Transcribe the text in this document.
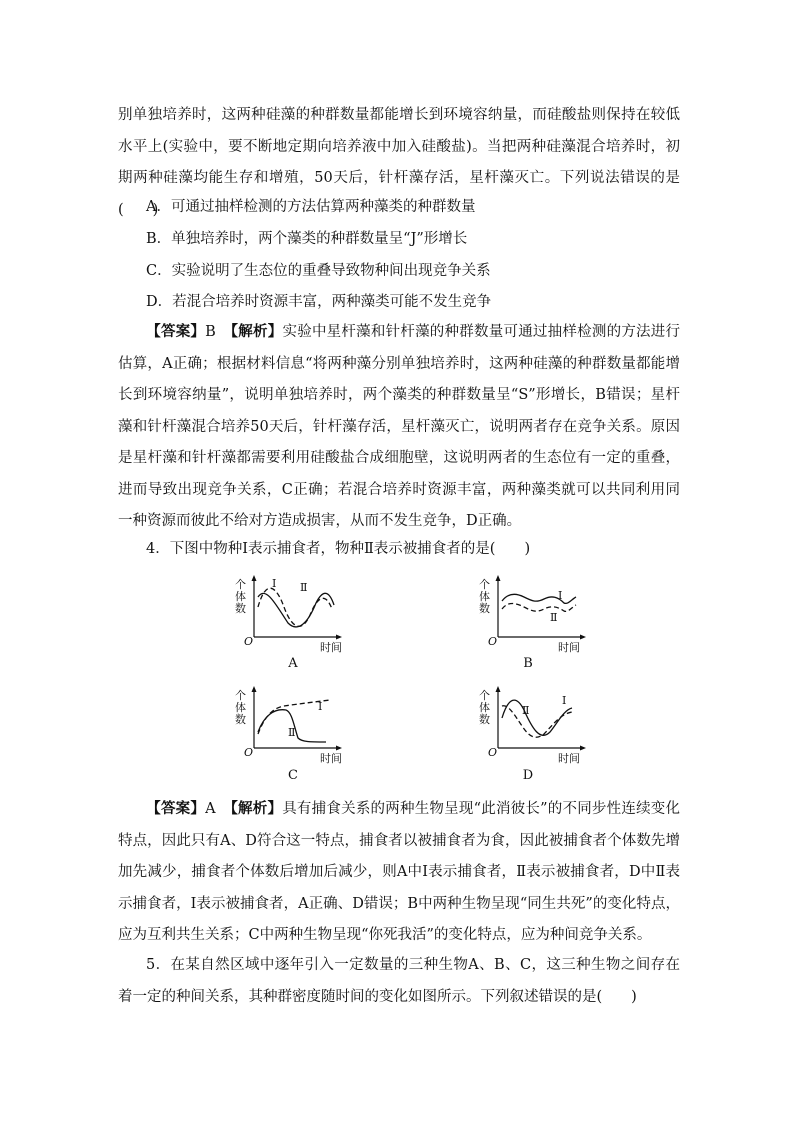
别单独培养时，这两种硅藻的种群数量都能增长到环境容纳量，而硅酸盐则保持在较低水平上(实验中，要不断地定期向培养液中加入硅酸盐)。当把两种硅藻混合培养时，初期两种硅藻均能生存和增殖，50天后，针杆藻存活，星杆藻灭亡。下列说法错误的是(　　)

A．可通过抽样检测的方法估算两种藻类的种群数量

B．单独培养时，两个藻类的种群数量呈“J”形增长

C．实验说明了生态位的重叠导致物种间出现竞争关系

D．若混合培养时资源丰富，两种藻类可能不发生竞争

【答案】B　 【解析】实验中星杆藻和针杆藻的种群数量可通过抽样检测的方法进行估算，A正确；根据材料信息“将两种藻分别单独培养时，这两种硅藻的种群数量都能增长到环境容纳量”，说明单独培养时，两个藻类的种群数量呈“S”形增长，B错误；星杆藻和针杆藻混合培养50天后，针杆藻存活，星杆藻灭亡，说明两者存在竞争关系。原因是星杆藻和针杆藻都需要利用硅酸盐合成细胞壁，这说明两者的生态位有一定的重叠，进而导致出现竞争关系，C正确；若混合培养时资源丰富，两种藻类就可以共同利用同一种资源而彼此不给对方造成损害，从而不发生竞争，D正确。

4．下图中物种Ⅰ表示捕食者，物种Ⅱ表示被捕食者的是(　　)

个体数
Ⅰ Ⅱ
O	时间
A
个体数
Ⅰ
Ⅱ
O	时间
B
个体数
Ⅰ
Ⅱ
O	时间
C
个体数
Ⅰ
Ⅱ
O	时间
D

【答案】A　 【解析】具有捕食关系的两种生物呈现“此消彼长”的不同步性连续变化特点，因此只有A、D符合这一特点，捕食者以被捕食者为食，因此被捕食者个体数先增加先减少，捕食者个体数后增加后减少，则A中Ⅰ表示捕食者，Ⅱ表示被捕食者，D中Ⅱ表示捕食者，Ⅰ表示被捕食者，A正确、D错误；B中两种生物呈现“同生共死”的变化特点，应为互利共生关系；C中两种生物呈现“你死我活”的变化特点，应为种间竞争关系。

5．在某自然区域中逐年引入一定数量的三种生物A、B、C，这三种生物之间存在着一定的种间关系，其种群密度随时间的变化如图所示。下列叙述错误的是(　　)
